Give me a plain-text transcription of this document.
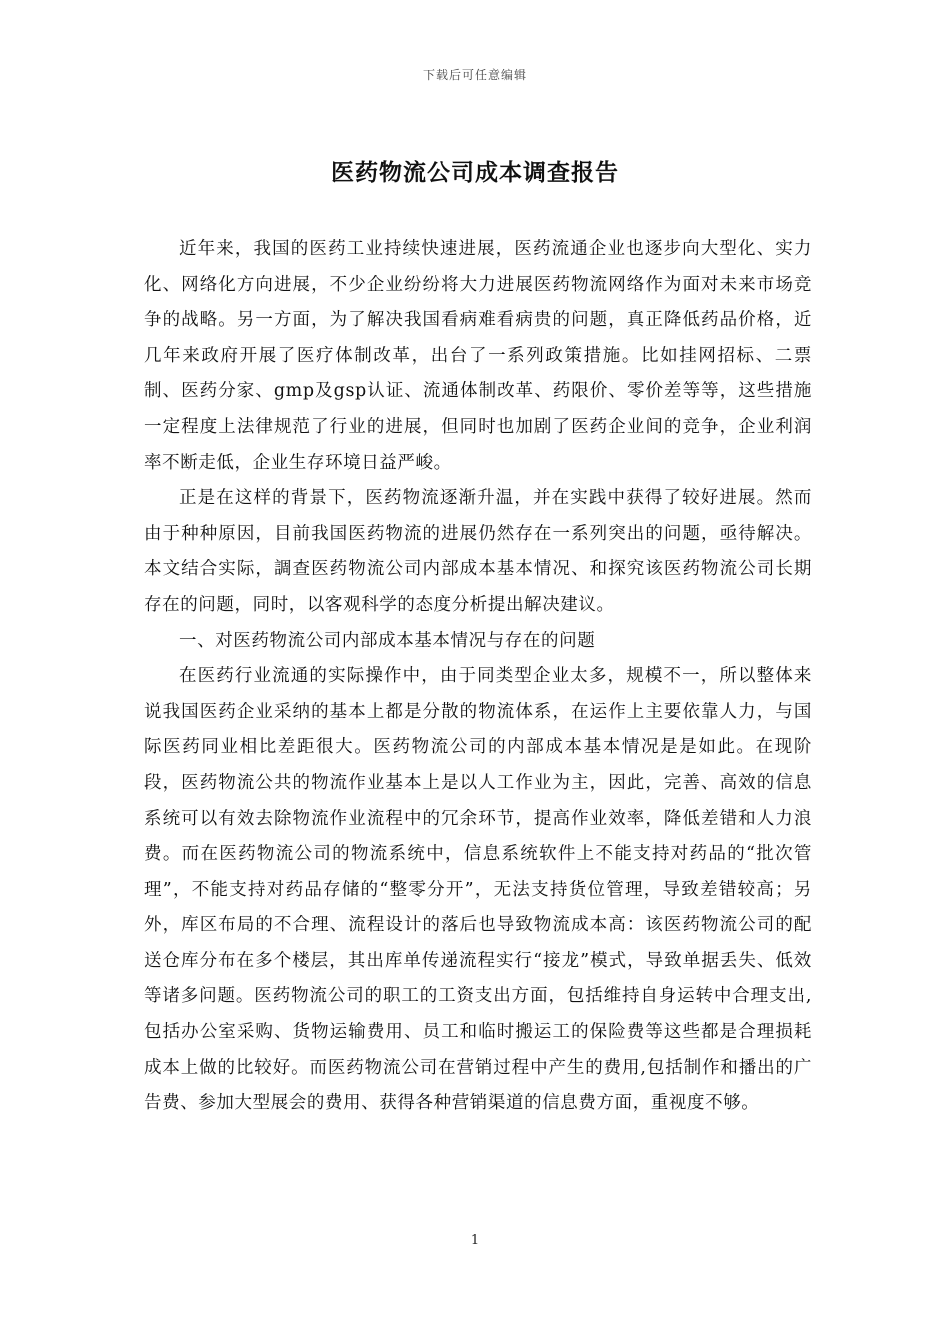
下载后可任意编辑
医药物流公司成本调查报告

近年来，我国的医药工业持续快速进展，医药流通企业也逐步向大型化、实力化、网络化方向进展，不少企业纷纷将大力进展医药物流网络作为面对未来市场竞争的战略。另一方面，为了解决我国看病难看病贵的问题，真正降低药品价格，近几年来政府开展了医疗体制改革，出台了一系列政策措施。比如挂网招标、二票制、医药分家、gmp及gsp认证、流通体制改革、药限价、零价差等等，这些措施一定程度上法律规范了行业的进展，但同时也加剧了医药企业间的竞争，企业利润率不断走低，企业生存环境日益严峻。

正是在这样的背景下，医药物流逐渐升温，并在实践中获得了较好进展。然而由于种种原因，目前我国医药物流的进展仍然存在一系列突出的问题，亟待解决。本文结合实际，調查医药物流公司内部成本基本情况、和探究该医药物流公司长期存在的问题，同时，以客观科学的态度分析提出解决建议。

一、对医药物流公司内部成本基本情况与存在的问题

在医药行业流通的实际操作中，由于同类型企业太多，规模不一，所以整体来说我国医药企业采纳的基本上都是分散的物流体系，在运作上主要依靠人力，与国际医药同业相比差距很大。医药物流公司的内部成本基本情况是是如此。在现阶段，医药物流公共的物流作业基本上是以人工作业为主，因此，完善、高效的信息系统可以有效去除物流作业流程中的冗余环节，提高作业效率，降低差错和人力浪费。而在医药物流公司的物流系统中，信息系统软件上不能支持对药品的“批次管理”，不能支持对药品存储的“整零分开”，无法支持货位管理，导致差错较高；另外，库区布局的不合理、流程设计的落后也导致物流成本高：该医药物流公司的配送仓库分布在多个楼层，其出库单传递流程实行“接龙”模式，导致单据丢失、低效等诸多问题。医药物流公司的职工的工资支出方面，包括维持自身运转中合理支出,包括办公室采购、货物运输费用、员工和临时搬运工的保险费等这些都是合理损耗成本上做的比较好。而医药物流公司在营销过程中产生的费用,包括制作和播出的广告费、参加大型展会的费用、获得各种营销渠道的信息费方面，重视度不够。

1
